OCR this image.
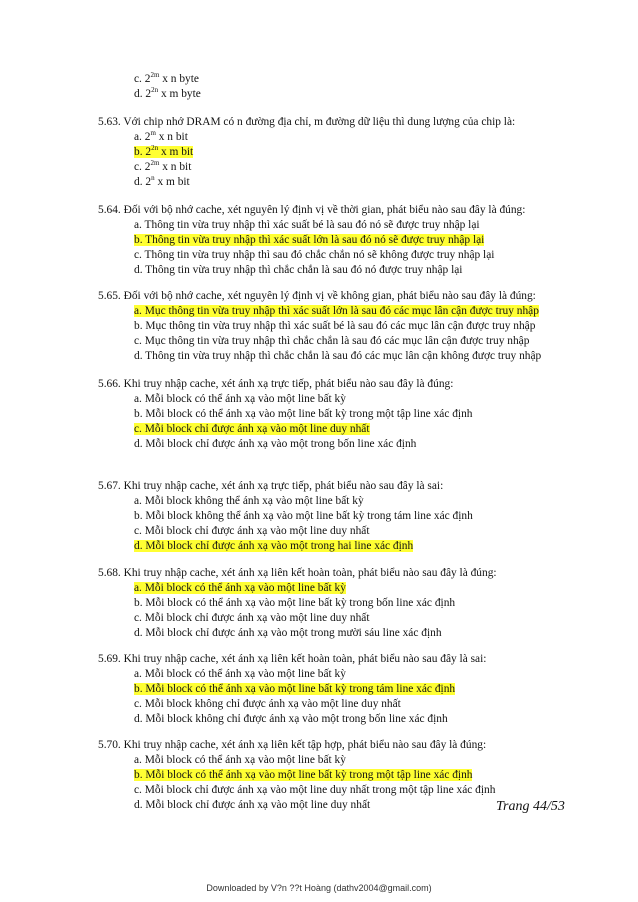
c. $2^{2m}$ x n byte
d. $2^{2n}$ x m byte
5.63. Với chip nhớ DRAM có n đường địa chỉ, m đường dữ liệu thì dung lượng của chip là:
a. 2$^m$ x n bit
b. $2^{2n}$ x m bit
c. $2^{2m}$ x n bit
d. 2$^n$ x m bit
5.64. Đối với bộ nhớ cache, xét nguyên lý định vị về thời gian, phát biểu nào sau đây là đúng:
a. Thông tin vừa truy nhập thì xác suất bé là sau đó nó sẽ được truy nhập lại
b. Thông tin vừa truy nhập thì xác suất lớn là sau đó nó sẽ được truy nhập lại
c. Thông tin vừa truy nhập thì sau đó chắc chắn nó sẽ không được truy nhập lại
d. Thông tin vừa truy nhập thì chắc chắn là sau đó nó được truy nhập lại
5.65. Đối với bộ nhớ cache, xét nguyên lý định vị về không gian, phát biểu nào sau đây là đúng:
a. Mục thông tin vừa truy nhập thì xác suất lớn là sau đó các mục lân cận được truy nhập
b. Mục thông tin vừa truy nhập thì xác suất bé là sau đó các mục lân cận được truy nhập
c. Mục thông tin vừa truy nhập thì chắc chắn là sau đó các mục lân cận được truy nhập
d. Thông tin vừa truy nhập thì chắc chắn là sau đó các mục lân cận không được truy nhập
5.66. Khi truy nhập cache, xét ánh xạ trực tiếp, phát biểu nào sau đây là đúng:
a. Mỗi block có thể ánh xạ vào một line bất kỳ
b. Mỗi block có thể ánh xạ vào một line bất kỳ trong một tập line xác định
c. Mỗi block chỉ được ánh xạ vào một line duy nhất
d. Mỗi block chỉ được ánh xạ vào một trong bốn line xác định
5.67. Khi truy nhập cache, xét ánh xạ trực tiếp, phát biểu nào sau đây là sai:
a. Mỗi block không thể ánh xạ vào một line bất kỳ
b. Mỗi block không thể ánh xạ vào một line bất kỳ trong tám line xác định
c. Mỗi block chỉ được ánh xạ vào một line duy nhất
d. Mỗi block chỉ được ánh xạ vào một trong hai line xác định
5.68. Khi truy nhập cache, xét ánh xạ liên kết hoàn toàn, phát biểu nào sau đây là đúng:
a. Mỗi block có thể ánh xạ vào một line bất kỳ
b. Mỗi block có thể ánh xạ vào một line bất kỳ trong bốn line xác định
c. Mỗi block chỉ được ánh xạ vào một line duy nhất
d. Mỗi block chỉ được ánh xạ vào một trong mười sáu line xác định
5.69. Khi truy nhập cache, xét ánh xạ liên kết hoàn toàn, phát biểu nào sau đây là sai:
a. Mỗi block có thể ánh xạ vào một line bất kỳ
b. Mỗi block có thể ánh xạ vào một line bất kỳ trong tám line xác định
c. Mỗi block không chỉ được ánh xạ vào một line duy nhất
d. Mỗi block không chỉ được ánh xạ vào một trong bốn line xác định
5.70. Khi truy nhập cache, xét ánh xạ liên kết tập hợp, phát biểu nào sau đây là đúng:
a. Mỗi block có thể ánh xạ vào một line bất kỳ
b. Mỗi block có thể ánh xạ vào một line bất kỳ trong một tập line xác định
c. Mỗi block chỉ được ánh xạ vào một line duy nhất trong một tập line xác định
d. Mỗi block chỉ được ánh xạ vào một line duy nhất	Trang 44/53
Downloaded by V?n ??t Hoàng (dathv2004@gmail.com)
